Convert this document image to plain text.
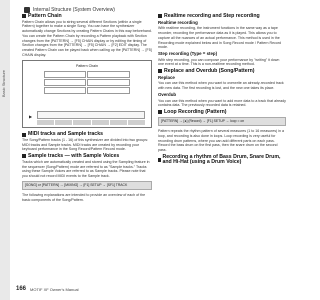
Basic Structure
Internal Structure (System Overview)
Pattern Chain

Pattern Chain allows you to string several different Sections (within a single Pattern) together to make a single Song. You can have the synthesizer automatically change Sections by creating Pattern Chains in this way beforehand. You can create the Pattern Chain by recording a Pattern playback with Section changes from the [PATTERN] → [F5] CHAIN display or by editing the timing of Section changes from the [PATTERN] → [F5] CHAIN → [F2] EDIT display. The created Pattern Chain can be played back when calling up the [PATTERN] → [F5] CHAIN display.

Pattern Chain
▶
MIDI tracks and Sample tracks

The Song/Pattern tracks (1 - 16) of this synthesizer are divided into two groups: MIDI tracks and Sample tracks. MIDI tracks are created by recording your keyboard performance in the Song Record/Pattern Record mode.

Sample tracks — with Sample Voices

Tracks which are automatically created and stored using the Sampling feature in the sequencer (Song/Pattern) mode are referred to as "Sample tracks." Tracks using these Sample Voices are referred to as Sample tracks. Please note that you should not record MIDI events to the Sample track.

[SONG] or [PATTERN] → [MIXING] → [F1] SETUP → [SF1] TRACK

The following explanations are intended to provide an overview of each of the basic components of the Song/Pattern.

Realtime recording and Step recording
Realtime recording

With realtime recording, the instrument functions in the same way as a tape recorder, recording the performance data as it is played. This allows you to capture all the nuances of an actual performance. This method is used in the Recording mode explained below and in Song Record mode / Pattern Record mode.

Step recording (Type = step)

With step recording, you can compose your performance by "writing" it down one event at a time. This is a non-realtime recording method.

Replace and Overdub (Song/Pattern)
Replace

You can use this method when you want to overwrite an already-recorded track with new data. The first recording is lost, and the new one takes its place.

Overdub

You can use this method when you want to add more data to a track that already contains data. The previously recorded data is retained.

Loop Recording (Pattern)
[PATTERN] → [●] (Record) → [F1] SETUP → loop = on

Pattern repeats the rhythm pattern of several measures (1 to 16 measures) in a loop, and recording is also done in loops. Loop recording is very useful for recording drum patterns, where you can add different parts on each pass. Record the bass drum on the first pass, then the snare drum on the second pass.

Recording a rhythm of Bass Drum, Snare Drum, and Hi-Hat (using a Drum Voice)
166 MOTIF XF Owner's Manual
